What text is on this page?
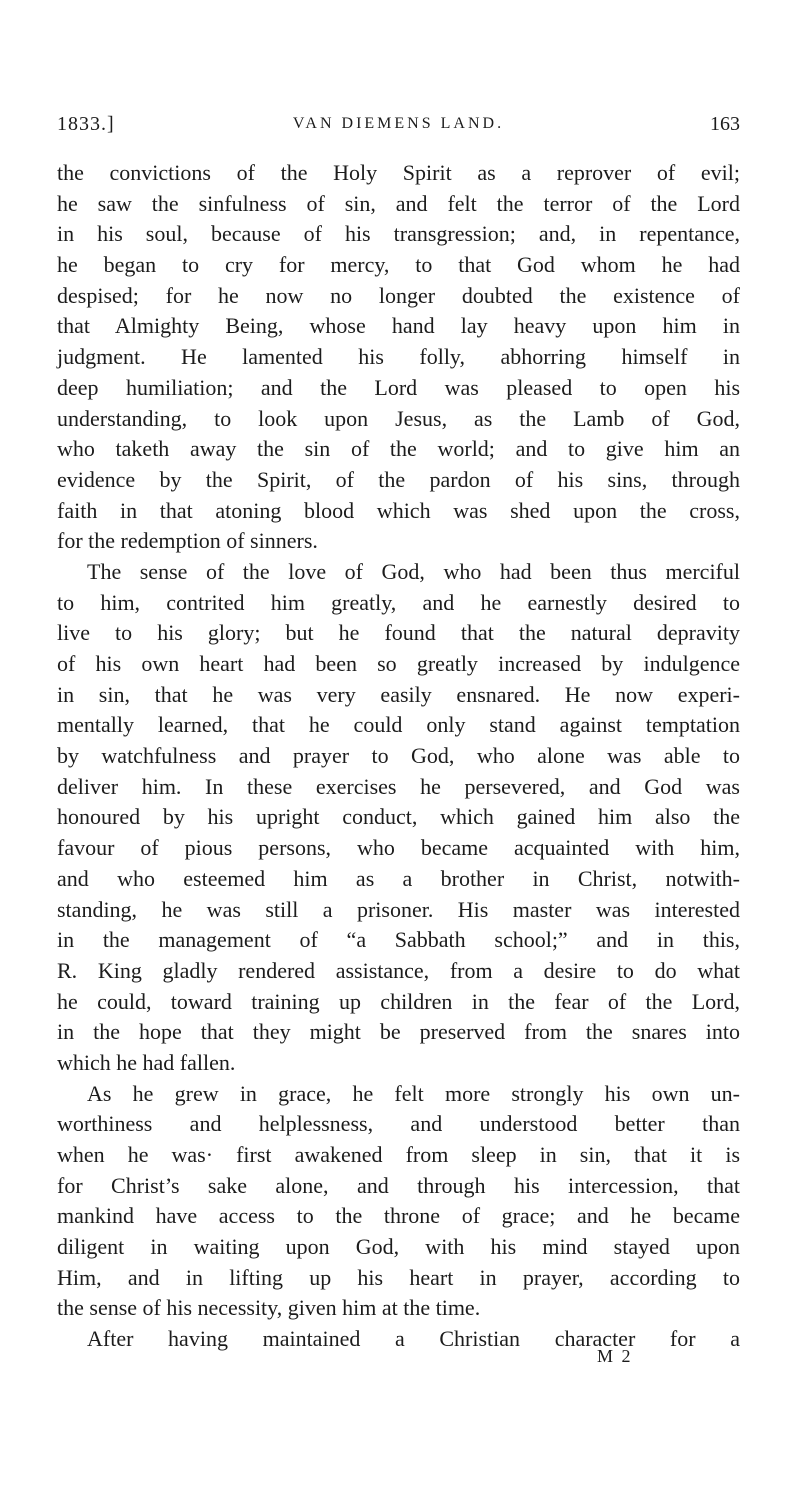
1833.]	VAN DIEMENS LAND.	163
the convictions of the Holy Spirit as a reprover of evil;
he saw the sinfulness of sin, and felt the terror of the Lord
in his soul, because of his transgression; and, in repentance,
he began to cry for mercy, to that God whom he had
despised; for he now no longer doubted the existence of
that Almighty Being, whose hand lay heavy upon him in
judgment. He lamented his folly, abhorring himself in
deep humiliation; and the Lord was pleased to open his
understanding, to look upon Jesus, as the Lamb of God,
who taketh away the sin of the world; and to give him an
evidence by the Spirit, of the pardon of his sins, through
faith in that atoning blood which was shed upon the cross,
for the redemption of sinners.
The sense of the love of God, who had been thus merciful
to him, contrited him greatly, and he earnestly desired to
live to his glory; but he found that the natural depravity
of his own heart had been so greatly increased by indulgence
in sin, that he was very easily ensnared. He now experi-
mentally learned, that he could only stand against temptation
by watchfulness and prayer to God, who alone was able to
deliver him. In these exercises he persevered, and God was
honoured by his upright conduct, which gained him also the
favour of pious persons, who became acquainted with him,
and who esteemed him as a brother in Christ, notwith-
standing, he was still a prisoner. His master was interested
in the management of “a Sabbath school;” and in this,
R. King gladly rendered assistance, from a desire to do what
he could, toward training up children in the fear of the Lord,
in the hope that they might be preserved from the snares into
which he had fallen.
As he grew in grace, he felt more strongly his own un-
worthiness and helplessness, and understood better than
when he was· first awakened from sleep in sin, that it is
for Christ’s sake alone, and through his intercession, that
mankind have access to the throne of grace; and he became
diligent in waiting upon God, with his mind stayed upon
Him, and in lifting up his heart in prayer, according to
the sense of his necessity, given him at the time.
After having maintained a Christian character for a
M 2
